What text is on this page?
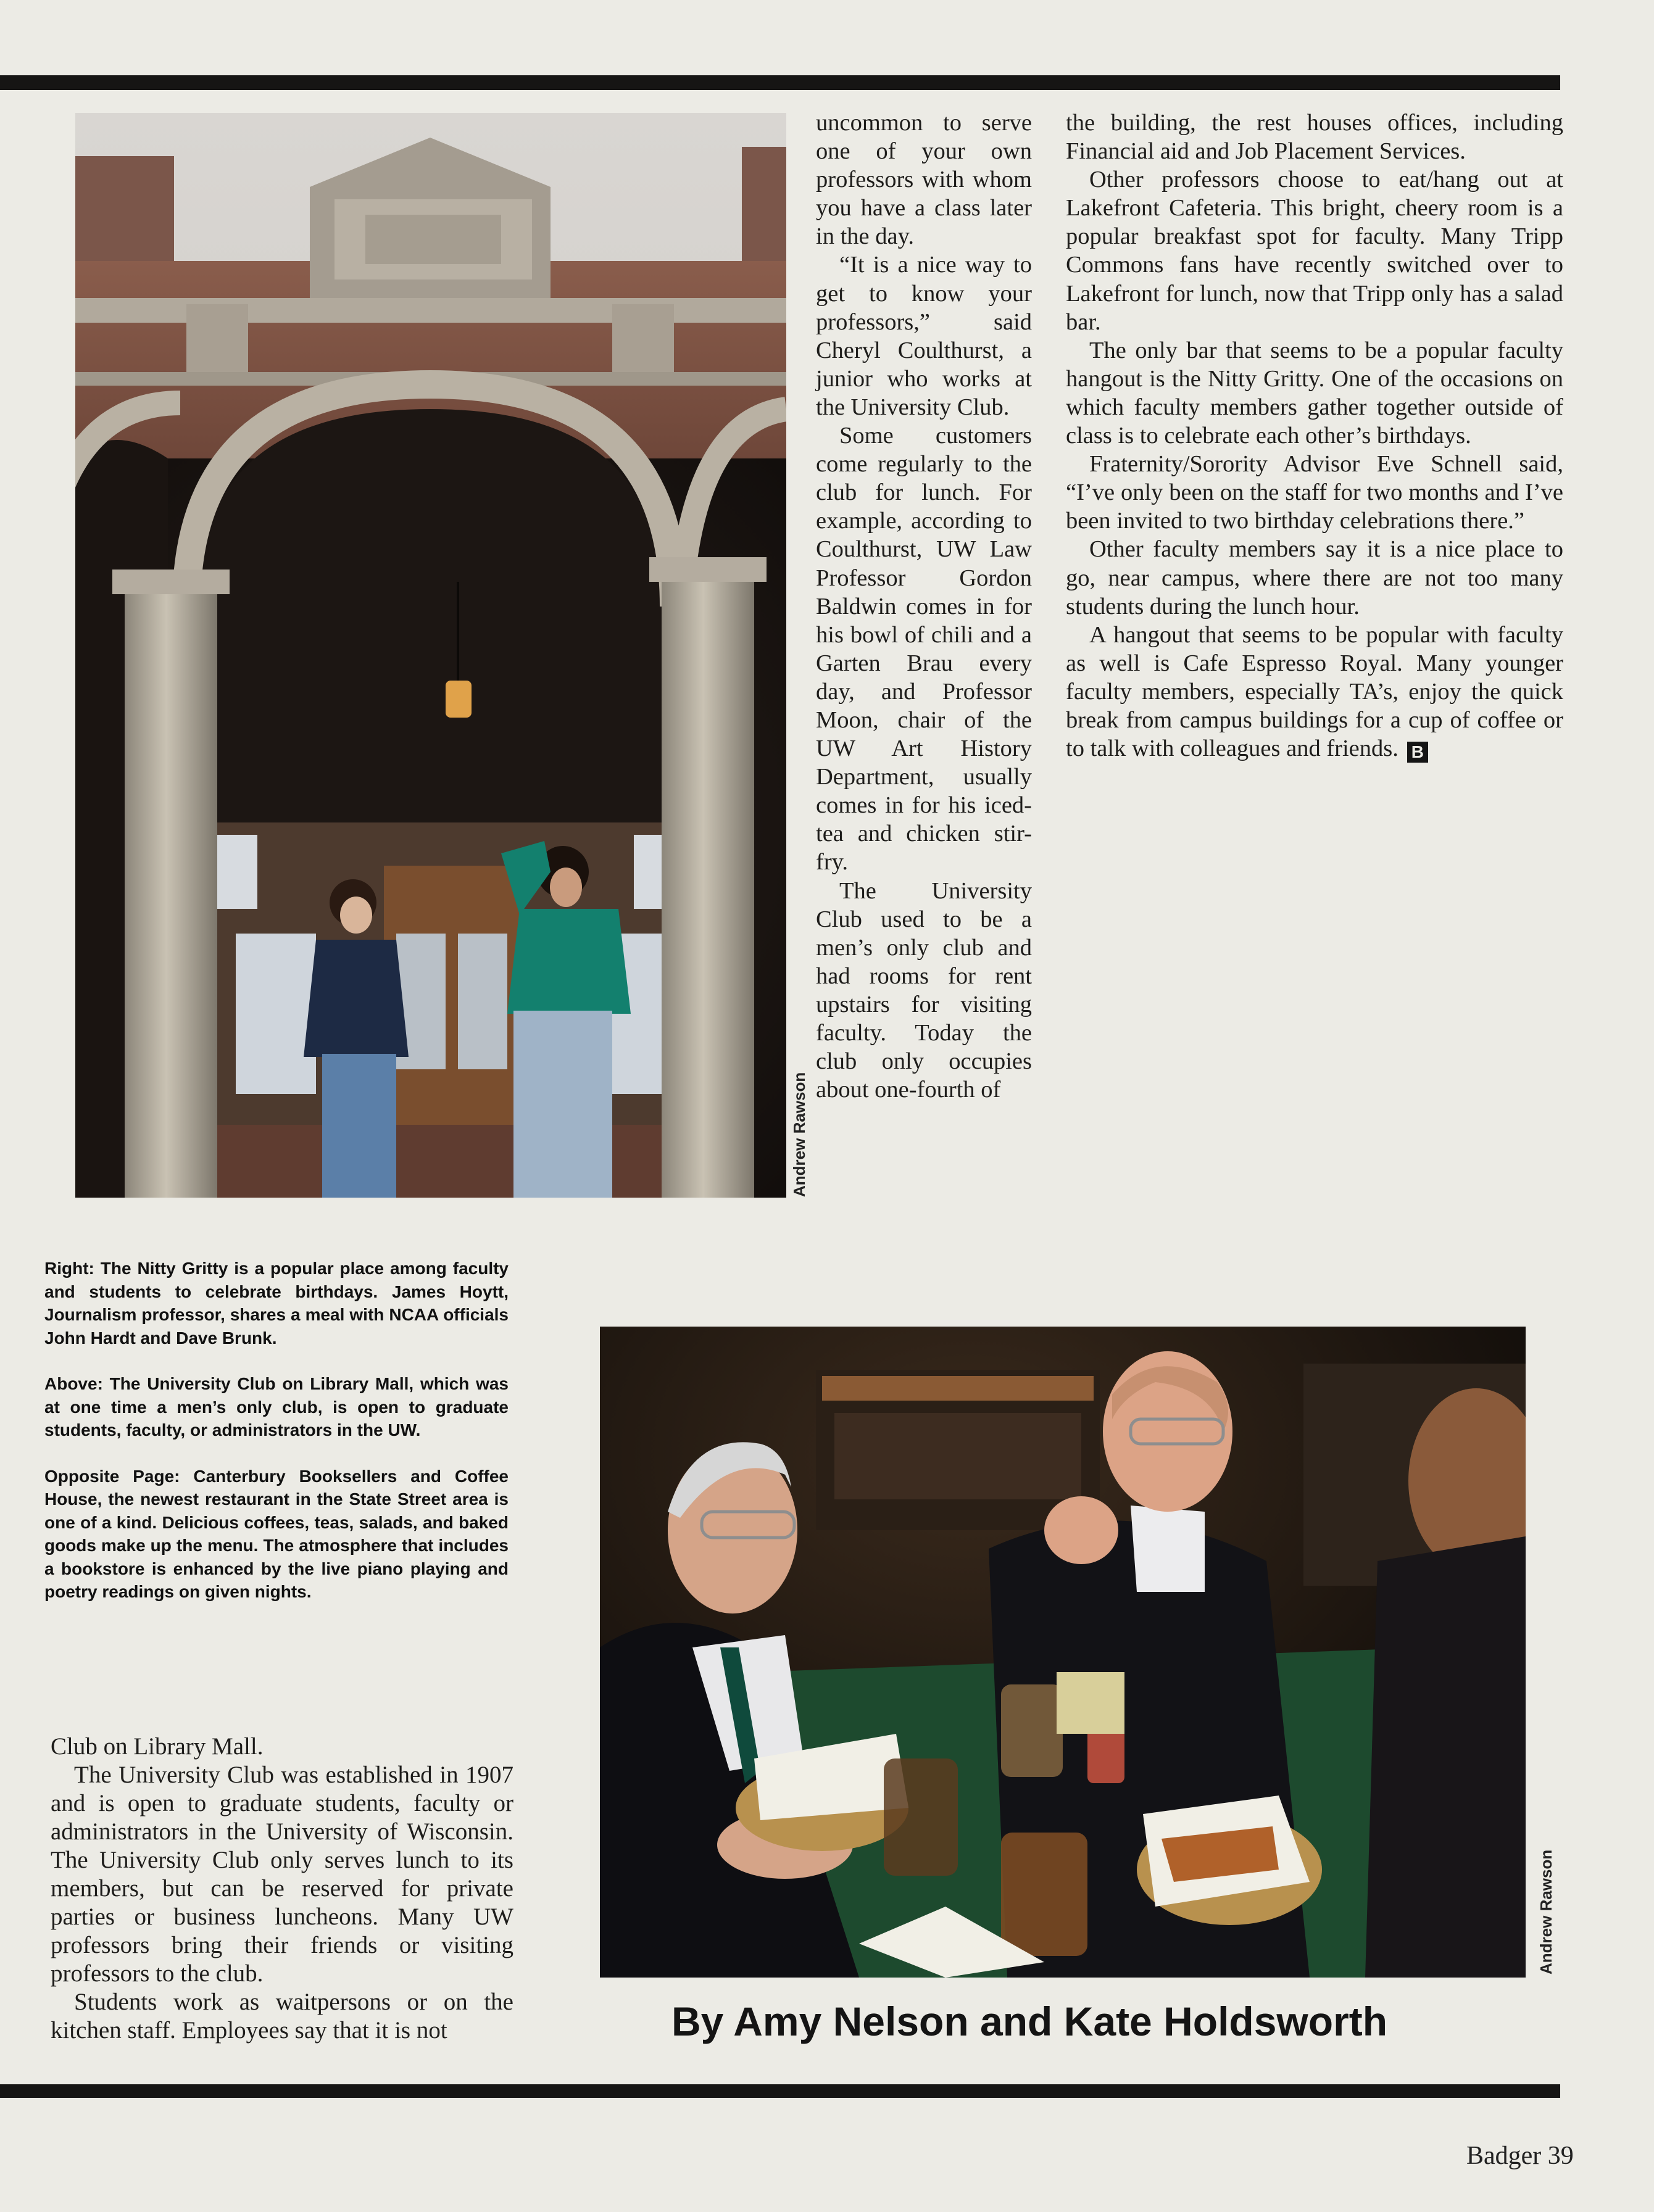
Andrew Rawson

uncommon to serve one of your own professors with whom you have a class later in the day.

“It is a nice way to get to know your professors,” said Cheryl Coulthurst, a junior who works at the University Club.

Some customers come regularly to the club for lunch. For example, according to Coulthurst, UW Law Professor Gordon Baldwin comes in for his bowl of chili and a Garten Brau every day, and Professor Moon, chair of the UW Art History Department, usually comes in for his iced-tea and chicken stir-fry.

The University Club used to be a men’s only club and had rooms for rent upstairs for visiting faculty. Today the club only occupies about one-fourth of

the building, the rest houses offices, including Financial aid and Job Placement Services.

Other professors choose to eat/hang out at Lakefront Cafeteria. This bright, cheery room is a popular breakfast spot for faculty. Many Tripp Commons fans have recently switched over to Lakefront for lunch, now that Tripp only has a salad bar.

The only bar that seems to be a popular faculty hangout is the Nitty Gritty. One of the occasions on which faculty members gather together outside of class is to celebrate each other’s birthdays.

Fraternity/Sorority Advisor Eve Schnell said, “I’ve only been on the staff for two months and I’ve been invited to two birthday celebrations there.”

Other faculty members say it is a nice place to go, near campus, where there are not too many students during the lunch hour.

A hangout that seems to be popular with faculty as well is Cafe Espresso Royal. Many younger faculty members, especially TA’s, enjoy the quick break from campus buildings for a cup of coffee or to talk with colleagues and friends. B

Right: The Nitty Gritty is a popular place among faculty and students to celebrate birthdays. James Hoytt, Journalism professor, shares a meal with NCAA officials John Hardt and Dave Brunk.

Above: The University Club on Library Mall, which was at one time a men’s only club, is open to graduate students, faculty, or administrators in the UW.

Opposite Page: Canterbury Booksellers and Coffee House, the newest restaurant in the State Street area is one of a kind. Delicious coffees, teas, salads, and baked goods make up the menu. The atmosphere that includes a bookstore is enhanced by the live piano playing and poetry readings on given nights.

Andrew Rawson

Club on Library Mall.

The University Club was established in 1907 and is open to graduate students, faculty or administrators in the University of Wisconsin. The University Club only serves lunch to its members, but can be reserved for private parties or business luncheons. Many UW professors bring their friends or visiting professors to the club.

Students work as waitpersons or on the kitchen staff. Employees say that it is not	By Amy Nelson and Kate Holdsworth
Badger 39
